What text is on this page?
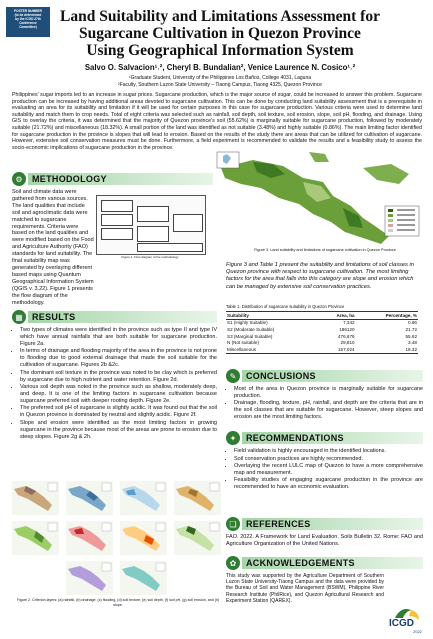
POSTER NUMBER
(to be determined
by the ICGD 27th
Conference
Committee)
Land Suitability and Limitations Assessment for Sugarcane Cultivation in Quezon Province Using Geographical Information System
Salvo O. Salvacion¹˒², Cheryl B. Bundalian², Venice Laurence N. Cosico¹˒²
¹Graduate Student, University of the Philippines Los Baños, College 4031, Laguna
²Faculty, Southern Luzon State University – Tiaong Campus, Tiaong 4325, Quezon Province
Philippines' sugar imports led to an increase in sugar prices. Sugarcane production, which is the major source of sugar, could be increased to answer this problem. Sugarcane production can be increased by having additional areas devoted to sugarcane cultivation. This can be done by conducting land suitability assessment that is a prerequisite in evaluating an area for its suitability and limitation if it will be used for certain purposes in this case for sugarcane production. Various criteria were used to determine land suitability and match them to crop needs. Total of eight criteria was selected such as rainfall, soil depth, soil texture, soil erosion, slope, soil pH, flooding, and drainage. Using GIS to overlay the criteria, it was determined that the majority of Quezon province's soil (55.62%) is marginally suitable for sugarcane production, followed by moderately suitable (21.72%) and miscellaneous (18.32%). A small portion of the land was identified as not suitable (3.48%) and highly suitable (0.86%). The main limiting factor identified for sugarcane production in the province is slopes that will lead to erosion. Based on the results of the study there are areas that can be utilized for cultivation of sugarcane. However, extensive soil conservation measures must be done. Furthermore, a field experiment is recommended to validate the results and a feasibility study to assess the socio-economic implications of sugarcane production in the province.
⚙	METHODOLOGY
Soil and climate data were gathered from various sources. The land qualities that include soil and agroclimatic data were matched to sugarcane requirements. Criteria were based on the land qualities and were modified based on the Food and Agriculture Authority (FAO) standards for land suitability. The final suitability map was generated by overlaying different based maps using Quantum Geographical Information System (QGIS v. 3.22). Figure 1 presents the flow diagram of the methodology.
Figure 1. Flow diagram of the methodology
Figure 3. Land suitability and limitations of sugarcane cultivation in Quezon Province
▦	RESULTS
• Two types of climates were identified in the province such as type II and type IV which have annual rainfalls that are both suitable for sugarcane production. Figure 2a.
• In terms of drainage and flooding majority of the area in the province is not prone to flooding due to good external drainage that made the soil suitable for the cultivation of sugarcane. Figures 2b &2c.
• The dominant soil texture in the province was noted to be clay which is preferred by sugarcane due to high nutrient and water retention. Figure 2d.
• Various soil depth was noted in the province such as shallow, moderately deep, and deep. It is one of the limiting factors in sugarcane cultivation because sugarcane preferred soil with deeper rooting depth. Figure 2e.
• The preferred soil pH of sugarcane is slightly acidic. It was found out that the soil in Quezon province is dominated by neutral and slightly acidic. Figure 2f.
• Slope and erosion were identified as the most limiting factors in growing sugarcane in the province because most of the areas are prone to erosion due to steep slopes. Figure 2g & 2h.
Figure 3 and Table 1 present the suitability and limitations of soil classes in Quezon province with respect to sugarcane cultivation. The most limiting factors for the area that falls into this category are slope and erosion which can be managed by extensive soil conservation practices.
Table 1. Distribution of sugarcane suitability in Quezon Province
Suitability	Area, ha	Percentage, %
S1 (Highly Suitable)	7,342	0.86
S2 (Moderate Suitable)	186120	21.72
S3 (Marginal Suitable)	476,676	55.62
N (Not suitable)	29,810	3.48
Miscellaneous	157,024	18.32
✎	CONCLUSIONS
• Most of the area in Quezon province is marginally suitable for sugarcane production.
• Drainage, flooding, texture, pH, rainfall, and depth are the criteria that are in the soil classes that are suitable for sugarcane. However, steep slopes and erosion are the most limiting factors.
✦	RECOMMENDATIONS
• Field validation is highly encouraged in the identified locations.
• Soil conservation practices are highly recommended.
• Overlaying the recent LULC map of Quezon to have a more comprehensive map and measurement.
• Feasibility studies of engaging sugarcane production in the province are recommended to have an economic evaluation.
❏	REFERENCES
FAO. 2022. A Framework for Land Evaluation. Soils Bulletin 32. Rome: FAO and Agriculture Organization of the United Nations.
✿	ACKNOWLEDGEMENTS
This study was supported by the Agriculture Department of Southern Luzon State University-Tiaong Campus and the data were provided by the Bureau of Soil and Water Management (BSWM), Philippine River Research Institute (PhilRice), and Quezon Agricultural Research and Experiment Station (QAREX).
Figure 2. Criterion layers: (a) rainfall, (b) drainage, (c) flooding, (d) soil texture, (e) soil depth, (f) soil pH, (g) soil erosion, and (h) slope.
ICGD
2022
